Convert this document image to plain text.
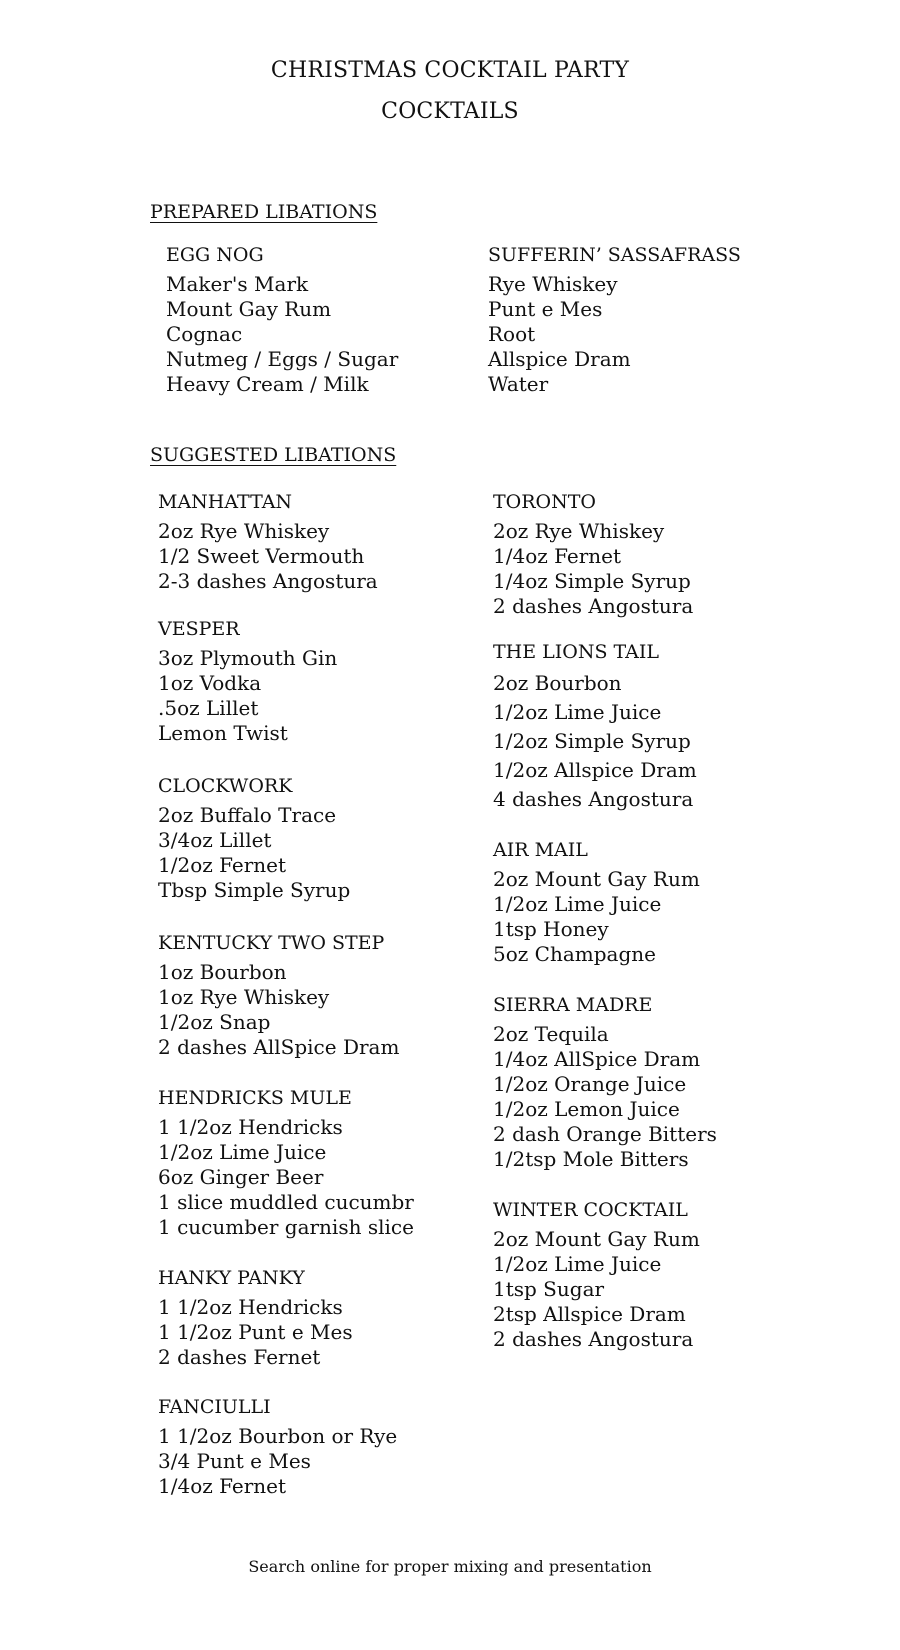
CHRISTMAS COCKTAIL PARTY
COCKTAILS
PREPARED LIBATIONS
EGG NOG
Maker's Mark
Mount Gay Rum
Cognac
Nutmeg / Eggs / Sugar
Heavy Cream / Milk
SUFFERIN’ SASSAFRASS
Rye Whiskey
Punt e Mes
Root
Allspice Dram
Water
SUGGESTED LIBATIONS
MANHATTAN
2oz Rye Whiskey
1/2 Sweet Vermouth
2-3 dashes Angostura
VESPER
3oz Plymouth Gin
1oz Vodka
.5oz Lillet
Lemon Twist
CLOCKWORK
2oz Buffalo Trace
3/4oz Lillet
1/2oz Fernet
Tbsp Simple Syrup
KENTUCKY TWO STEP
1oz Bourbon
1oz Rye Whiskey
1/2oz Snap
2 dashes AllSpice Dram
HENDRICKS MULE
1 1/2oz Hendricks
1/2oz Lime Juice
6oz Ginger Beer
1 slice muddled cucumbr
1 cucumber garnish slice
HANKY PANKY
1 1/2oz Hendricks
1 1/2oz Punt e Mes
2 dashes Fernet
FANCIULLI
1 1/2oz Bourbon or Rye
3/4 Punt e Mes
1/4oz Fernet
TORONTO
2oz Rye Whiskey
1/4oz Fernet
1/4oz Simple Syrup
2 dashes Angostura
THE LIONS TAIL
2oz Bourbon
1/2oz Lime Juice
1/2oz Simple Syrup
1/2oz Allspice Dram
4 dashes Angostura
AIR MAIL
2oz Mount Gay Rum
1/2oz Lime Juice
1tsp Honey
5oz Champagne
SIERRA MADRE
2oz Tequila
1/4oz AllSpice Dram
1/2oz Orange Juice
1/2oz Lemon Juice
2 dash Orange Bitters
1/2tsp Mole Bitters
WINTER COCKTAIL
2oz Mount Gay Rum
1/2oz Lime Juice
1tsp Sugar
2tsp Allspice Dram
2 dashes Angostura
Search online for proper mixing and presentation
